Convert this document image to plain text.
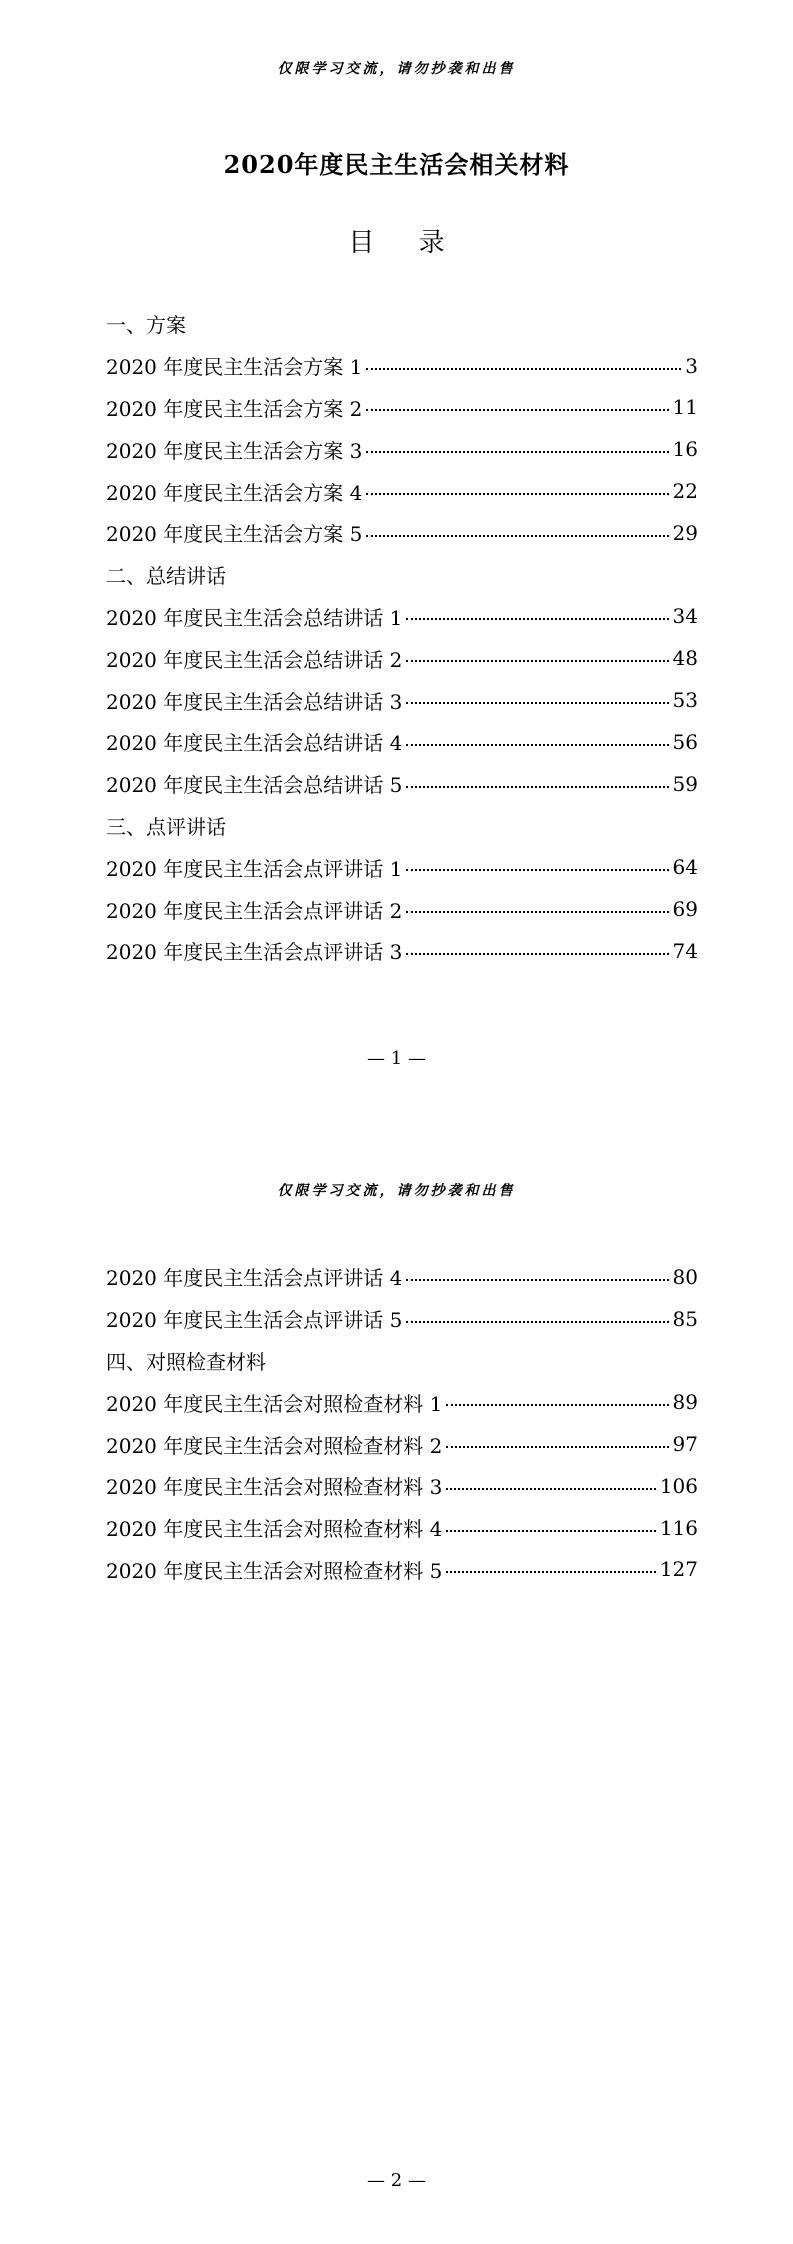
仅限学习交流，请勿抄袭和出售
2020年度民主生活会相关材料
目 录
一、方案
2020 年度民主生活会方案 1	3
2020 年度民主生活会方案 2	11
2020 年度民主生活会方案 3	16
2020 年度民主生活会方案 4	22
2020 年度民主生活会方案 5	29
二、总结讲话
2020 年度民主生活会总结讲话 1	34
2020 年度民主生活会总结讲话 2	48
2020 年度民主生活会总结讲话 3	53
2020 年度民主生活会总结讲话 4	56
2020 年度民主生活会总结讲话 5	59
三、点评讲话
2020 年度民主生活会点评讲话 1	64
2020 年度民主生活会点评讲话 2	69
2020 年度民主生活会点评讲话 3	74
— 1 —
仅限学习交流，请勿抄袭和出售
2020 年度民主生活会点评讲话 4	80
2020 年度民主生活会点评讲话 5	85
四、对照检查材料
2020 年度民主生活会对照检查材料 1	89
2020 年度民主生活会对照检查材料 2	97
2020 年度民主生活会对照检查材料 3	106
2020 年度民主生活会对照检查材料 4	116
2020 年度民主生活会对照检查材料 5	127
— 2 —
